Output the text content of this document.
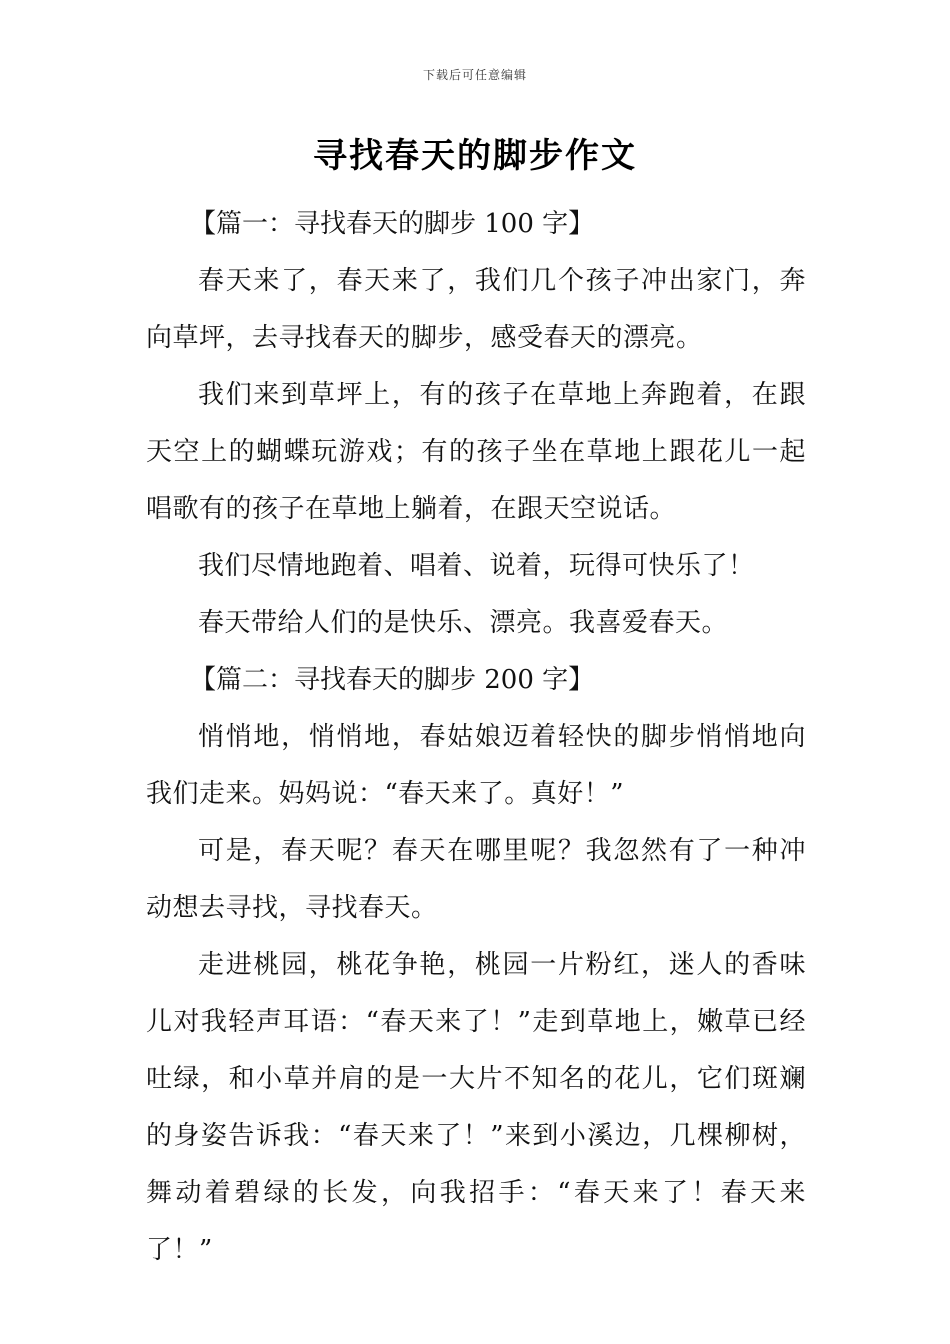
下载后可任意编辑
寻找春天的脚步作文

【篇一：寻找春天的脚步 100 字】

春天来了，春天来了，我们几个孩子冲出家门，奔向草坪，去寻找春天的脚步，感受春天的漂亮。

我们来到草坪上，有的孩子在草地上奔跑着，在跟天空上的蝴蝶玩游戏；有的孩子坐在草地上跟花儿一起唱歌有的孩子在草地上躺着，在跟天空说话。

我们尽情地跑着、唱着、说着，玩得可快乐了！

春天带给人们的是快乐、漂亮。我喜爱春天。

【篇二：寻找春天的脚步 200 字】

悄悄地，悄悄地，春姑娘迈着轻快的脚步悄悄地向我们走来。妈妈说：“春天来了。真好！”

可是，春天呢？春天在哪里呢？我忽然有了一种冲动想去寻找，寻找春天。

走进桃园，桃花争艳，桃园一片粉红，迷人的香味儿对我轻声耳语：“春天来了！”走到草地上，嫩草已经吐绿，和小草并肩的是一大片不知名的花儿，它们斑斓的身姿告诉我：“春天来了！”来到小溪边，几棵柳树，舞动着碧绿的长发，向我招手：“春天来了！春天来了！”
